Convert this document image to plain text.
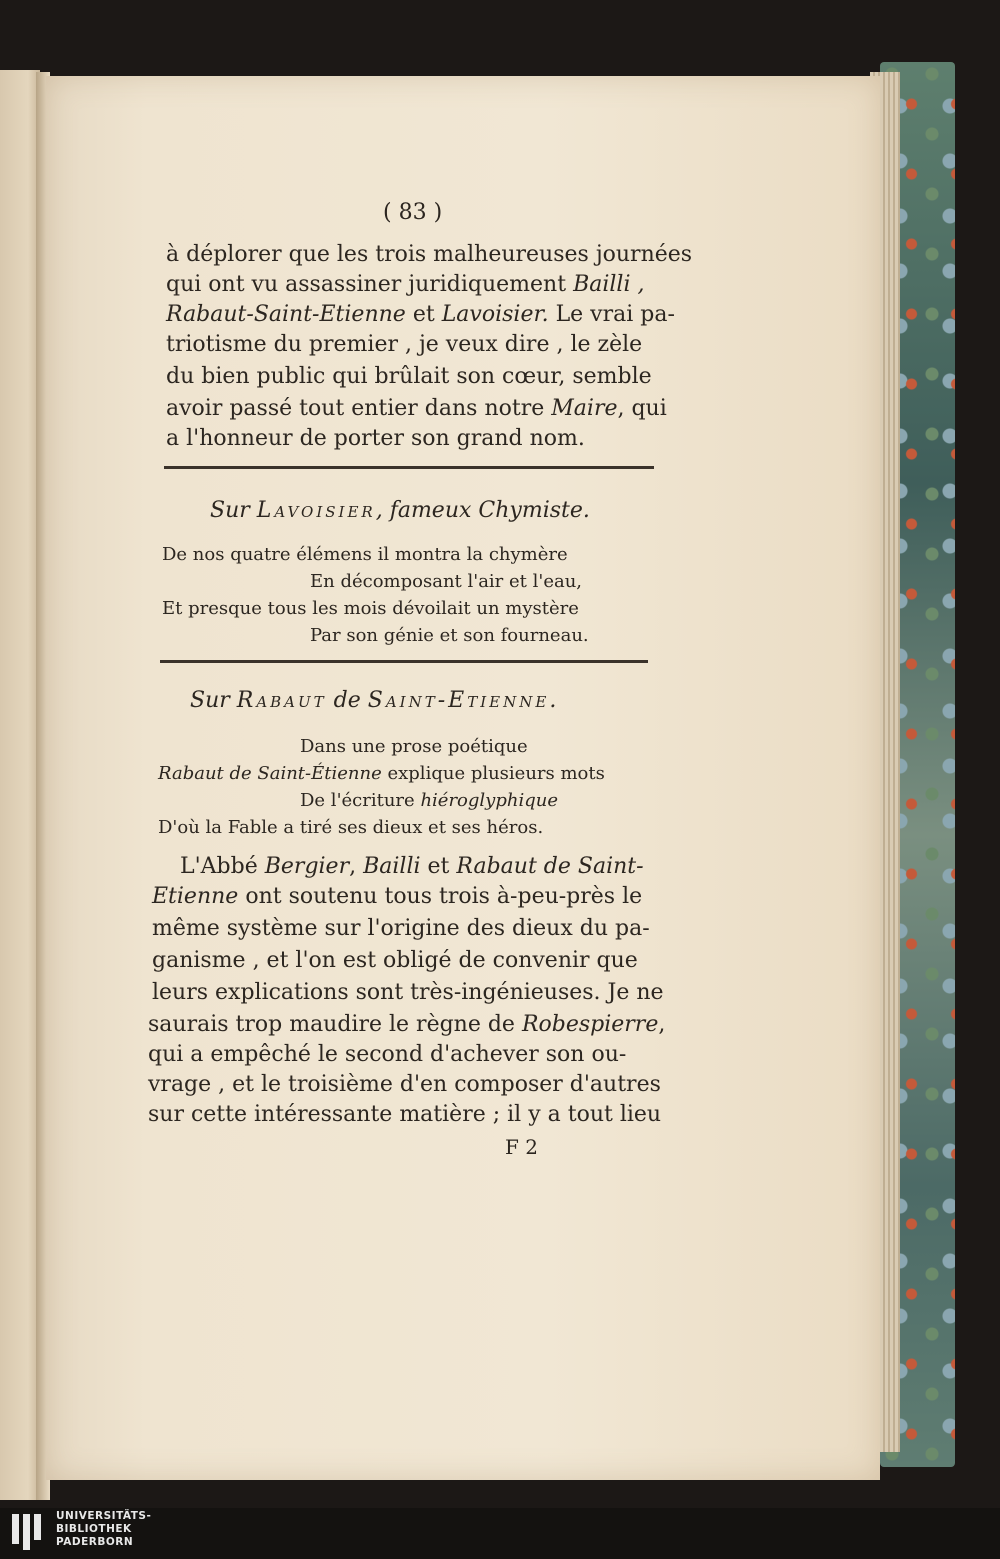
( 83 )
à déplorer que les trois malheureuses journées
qui ont vu assassiner juridiquement Bailli ,
Rabaut-Saint-Etienne et Lavoisier. Le vrai pa-
triotisme du premier , je veux dire , le zèle
du bien public qui brûlait son cœur, semble
avoir passé tout entier dans notre Maire, qui
a l'honneur de porter son grand nom.
Sur Lavoisier, fameux Chymiste.
De nos quatre élémens il montra la chymère
En décomposant l'air et l'eau,
Et presque tous les mois dévoilait un mystère
Par son génie et son fourneau.
Sur Rabaut de Saint-Etienne.
Dans une prose poétique
Rabaut de Saint-Étienne explique plusieurs mots
De l'écriture hiéroglyphique
D'où la Fable a tiré ses dieux et ses héros.
L'Abbé Bergier, Bailli et Rabaut de Saint-
Etienne ont soutenu tous trois à-peu-près le
même système sur l'origine des dieux du pa-
ganisme , et l'on est obligé de convenir que
leurs explications sont très-ingénieuses. Je ne
saurais trop maudire le règne de Robespierre,
qui a empêché le second d'achever son ou-
vrage , et le troisième d'en composer d'autres
sur cette intéressante matière ; il y a tout lieu
F 2
UNIVERSITÄTS-
BIBLIOTHEK
PADERBORN
